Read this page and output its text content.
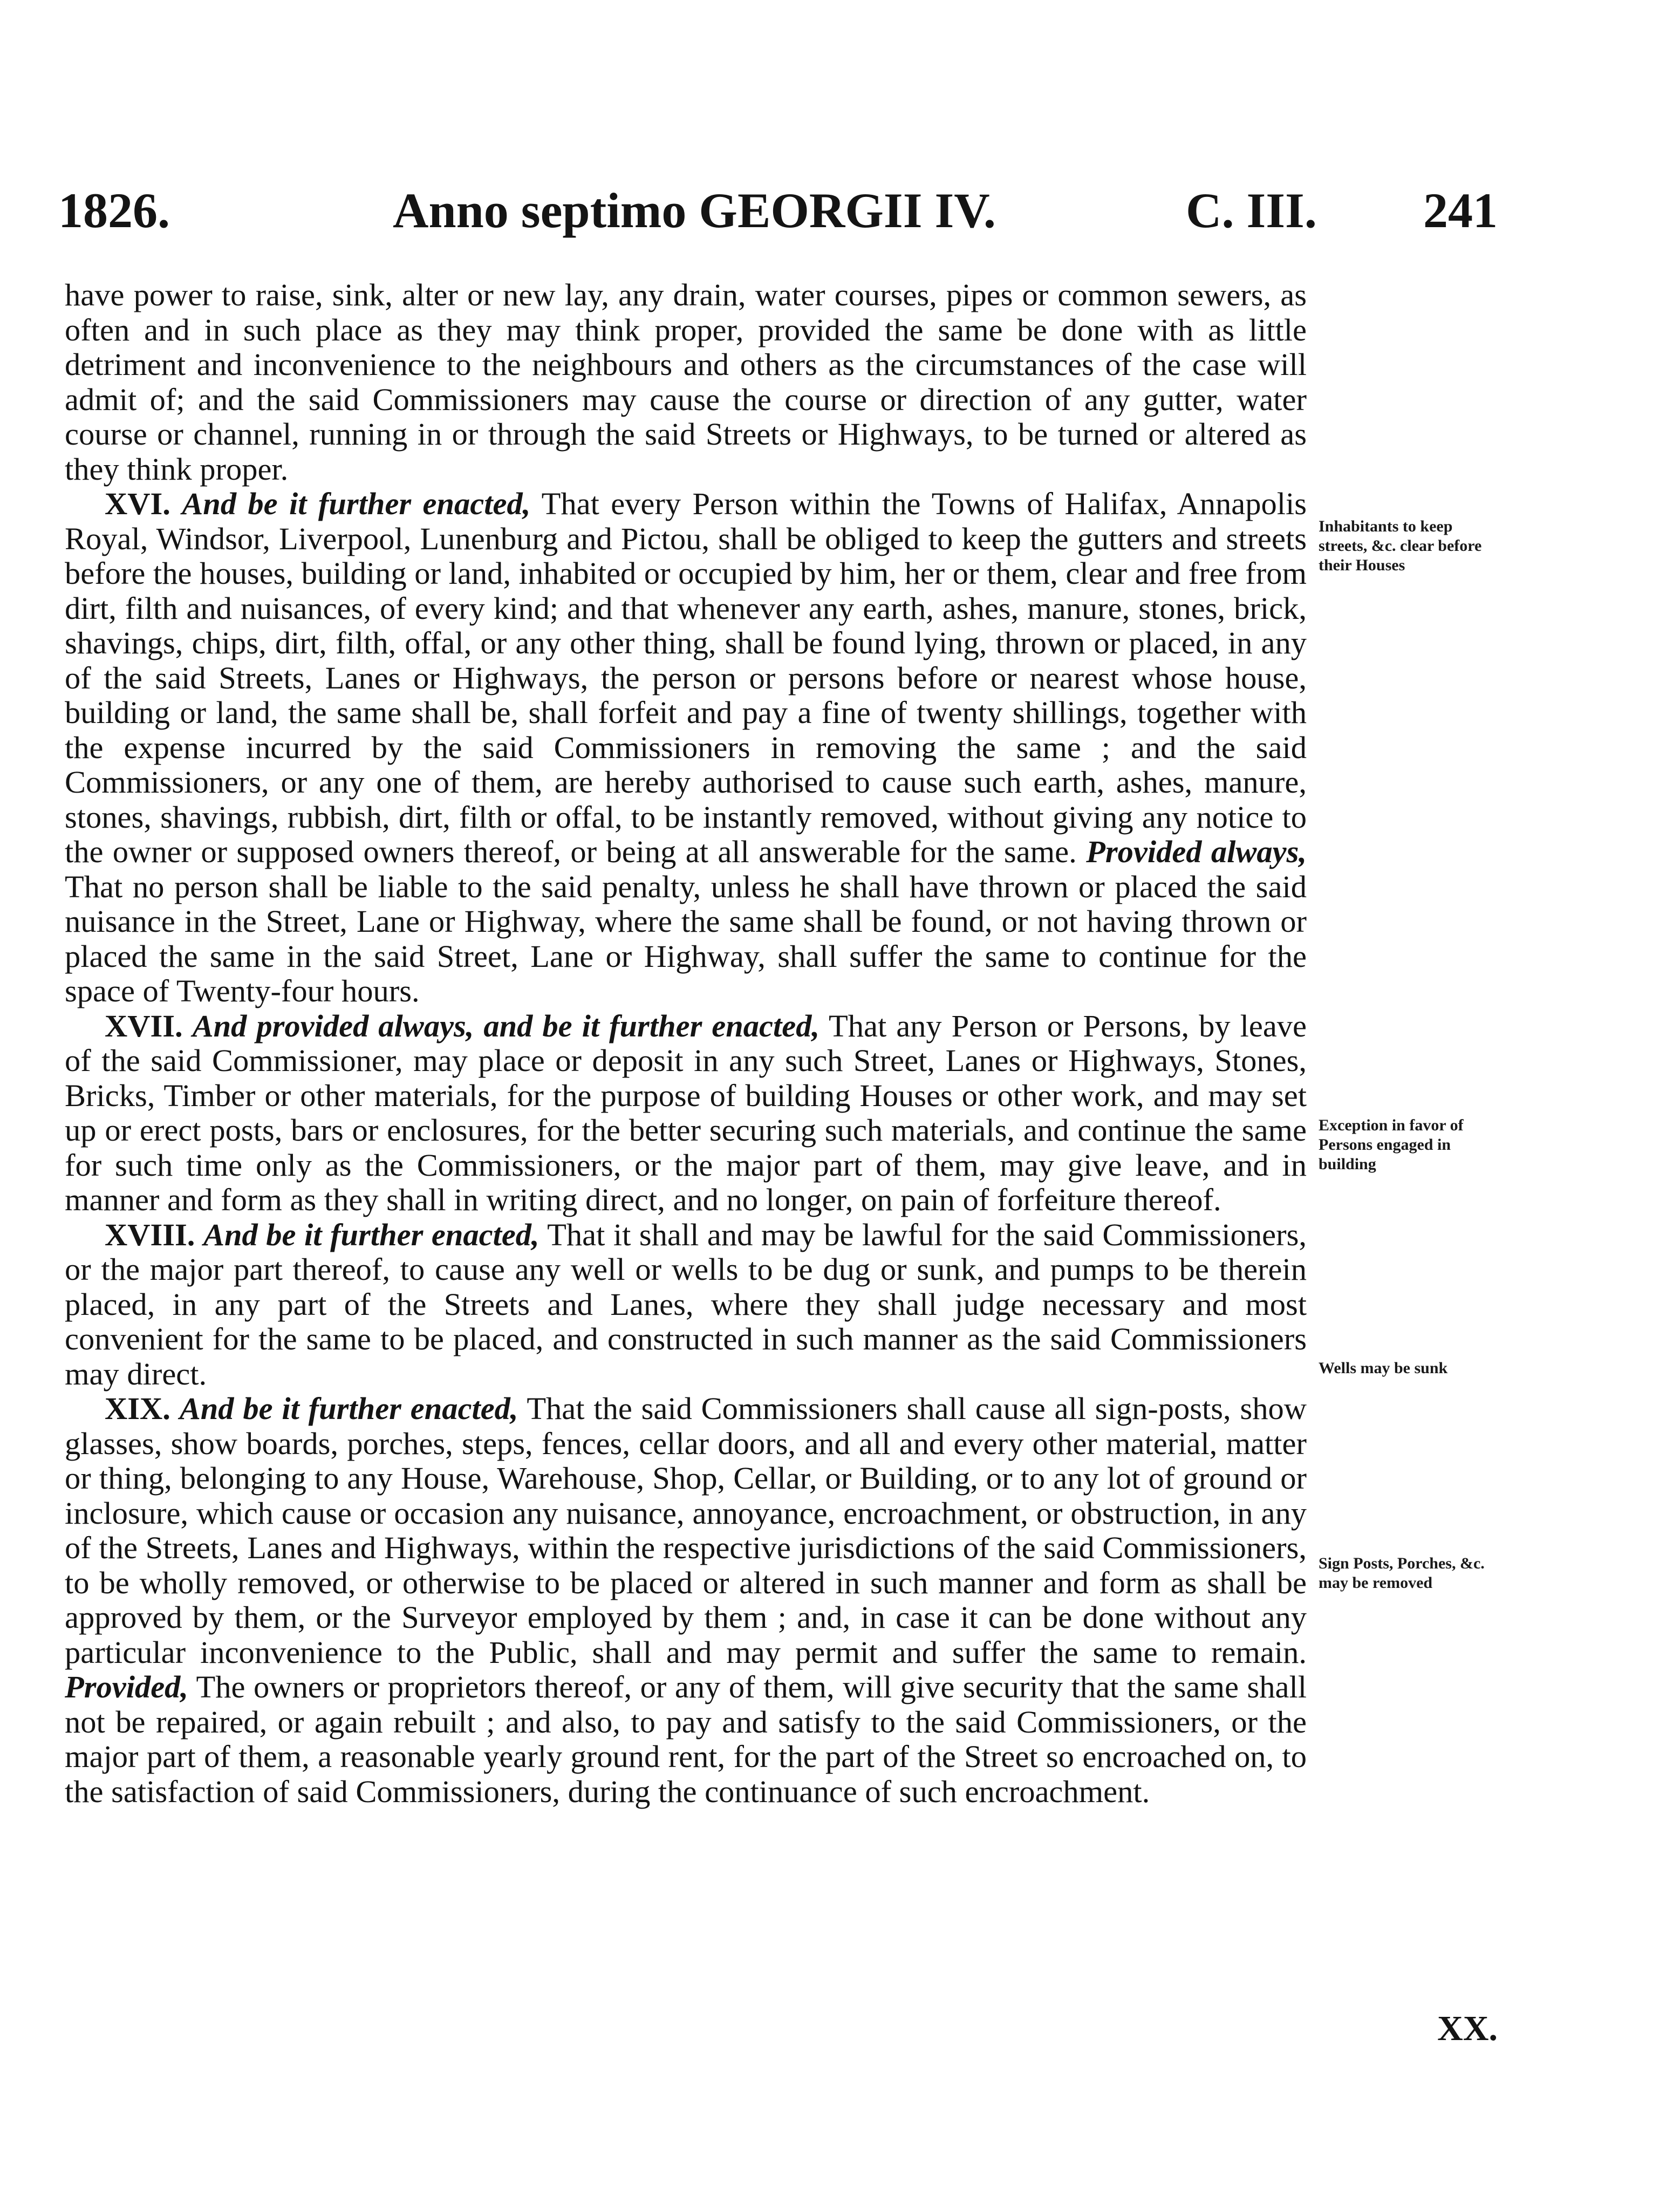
1826.	Anno septimo GEORGII IV.	C. III. 241

have power to raise, sink, alter or new lay, any drain, water courses, pipes or common sewers, as often and in such place as they may think proper, provided the same be done with as little detriment and inconvenience to the neighbours and others as the circumstances of the case will admit of; and the said Commissioners may cause the course or direction of any gutter, water course or channel, running in or through the said Streets or Highways, to be turned or altered as they think proper.

XVI. And be it further enacted, That every Person within the Towns of Halifax, Annapolis Royal, Windsor, Liverpool, Lunenburg and Pictou, shall be obliged to keep the gutters and streets before the houses, building or land, inhabited or occupied by him, her or them, clear and free from dirt, filth and nuisances, of every kind; and that whenever any earth, ashes, manure, stones, brick, shavings, chips, dirt, filth, offal, or any other thing, shall be found lying, thrown or placed, in any of the said Streets, Lanes or Highways, the person or persons before or nearest whose house, building or land, the same shall be, shall forfeit and pay a fine of twenty shillings, together with the expense incurred by the said Commissioners in removing the same ; and the said Commissioners, or any one of them, are hereby authorised to cause such earth, ashes, manure, stones, shavings, rubbish, dirt, filth or offal, to be instantly removed, without giving any notice to the owner or supposed owners thereof, or being at all answerable for the same. Provided always, That no person shall be liable to the said penalty, unless he shall have thrown or placed the said nuisance in the Street, Lane or Highway, where the same shall be found, or not having thrown or placed the same in the said Street, Lane or Highway, shall suffer the same to continue for the space of Twenty-four hours.

XVII. And provided always, and be it further enacted, That any Person or Persons, by leave of the said Commissioner, may place or deposit in any such Street, Lanes or Highways, Stones, Bricks, Timber or other materials, for the purpose of building Houses or other work, and may set up or erect posts, bars or enclosures, for the better securing such materials, and continue the same for such time only as the Commissioners, or the major part of them, may give leave, and in manner and form as they shall in writing direct, and no longer, on pain of forfeiture thereof.

XVIII. And be it further enacted, That it shall and may be lawful for the said Commissioners, or the major part thereof, to cause any well or wells to be dug or sunk, and pumps to be therein placed, in any part of the Streets and Lanes, where they shall judge necessary and most convenient for the same to be placed, and constructed in such manner as the said Commissioners may direct.

XIX. And be it further enacted, That the said Commissioners shall cause all sign-posts, show glasses, show boards, porches, steps, fences, cellar doors, and all and every other material, matter or thing, belonging to any House, Warehouse, Shop, Cellar, or Building, or to any lot of ground or inclosure, which cause or occasion any nuisance, annoyance, encroachment, or obstruction, in any of the Streets, Lanes and Highways, within the respective jurisdictions of the said Commissioners, to be wholly removed, or otherwise to be placed or altered in such manner and form as shall be approved by them, or the Surveyor employed by them ; and, in case it can be done without any particular inconvenience to the Public, shall and may permit and suffer the same to remain. Provided, The owners or proprietors thereof, or any of them, will give security that the same shall not be repaired, or again rebuilt ; and also, to pay and satisfy to the said Commissioners, or the major part of them, a reasonable yearly ground rent, for the part of the Street so encroached on, to the satisfaction of said Commissioners, during the continuance of such encroachment.

Inhabitants to keep streets, &c. clear before their Houses
Exception in favor of Persons engaged in building
Wells may be sunk
Sign Posts, Porches, &c. may be removed
XX.
